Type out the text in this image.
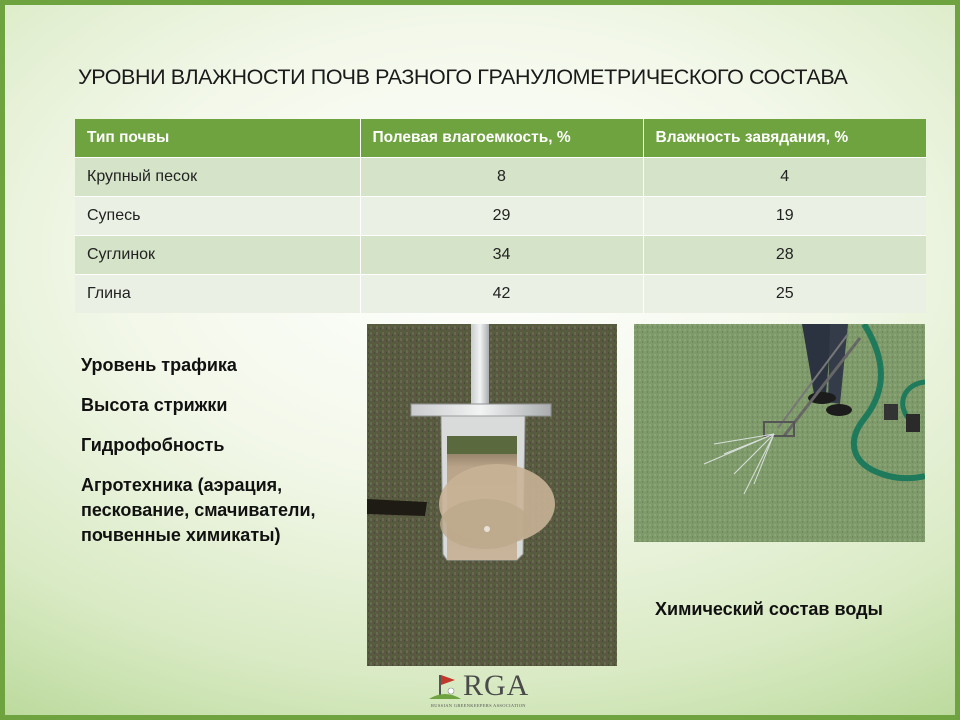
УРОВНИ ВЛАЖНОСТИ ПОЧВ РАЗНОГО ГРАНУЛОМЕТРИЧЕСКОГО СОСТАВА
Тип почвы	Полевая влагоемкость, %	Влажность завядания, %
Крупный песок	8	4
Супесь	29	19
Суглинок	34	28
Глина	42	25
Уровень трафика
Высота стрижки
Гидрофобность
Агротехника (аэрация, пескование, смачиватели, почвенные химикаты)
Химический состав воды
RGA
RUSSIAN GREENKEEPERS ASSOCIATION
